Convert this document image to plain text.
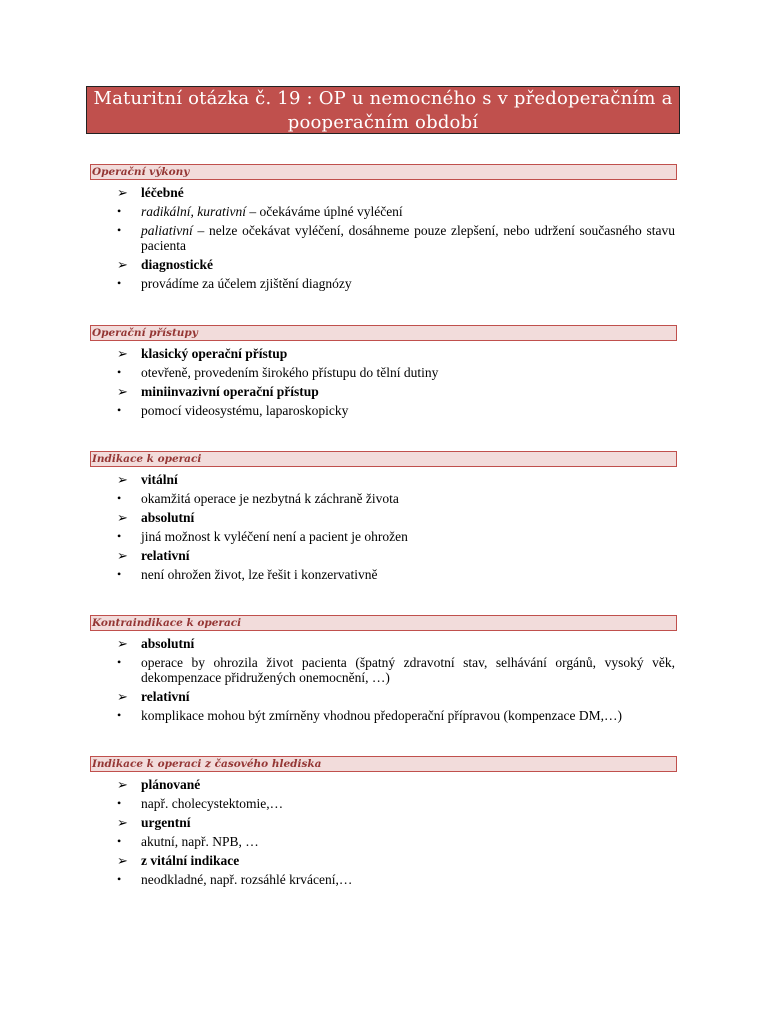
Maturitní otázka č. 19 : OP u nemocného s v předoperačním a
pooperačním období
Operační výkony
➢ léčebné
• radikální, kurativní – očekáváme úplné vyléčení
• paliativní – nelze očekávat vyléčení, dosáhneme pouze zlepšení, nebo udržení současného stavu pacienta
➢ diagnostické
• provádíme za účelem zjištění diagnózy
Operační přístupy
➢ klasický operační přístup
• otevřeně, provedením širokého přístupu do tělní dutiny
➢ miniinvazivní operační přístup
• pomocí videosystému, laparoskopicky
Indikace k operaci
➢ vitální
• okamžitá operace je nezbytná k záchraně života
➢ absolutní
• jiná možnost k vyléčení není a pacient je ohrožen
➢ relativní
• není ohrožen život, lze řešit i konzervativně
Kontraindikace k operaci
➢ absolutní
• operace by ohrozila život pacienta (špatný zdravotní stav, selhávání orgánů, vysoký věk, dekompenzace přidružených onemocnění, …)
➢ relativní
• komplikace mohou být zmírněny vhodnou předoperační přípravou (kompenzace DM,…)
Indikace k operaci z časového hlediska
➢ plánované
• např. cholecystektomie,…
➢ urgentní
• akutní, např. NPB, …
➢ z vitální indikace
• neodkladné, např. rozsáhlé krvácení,…
